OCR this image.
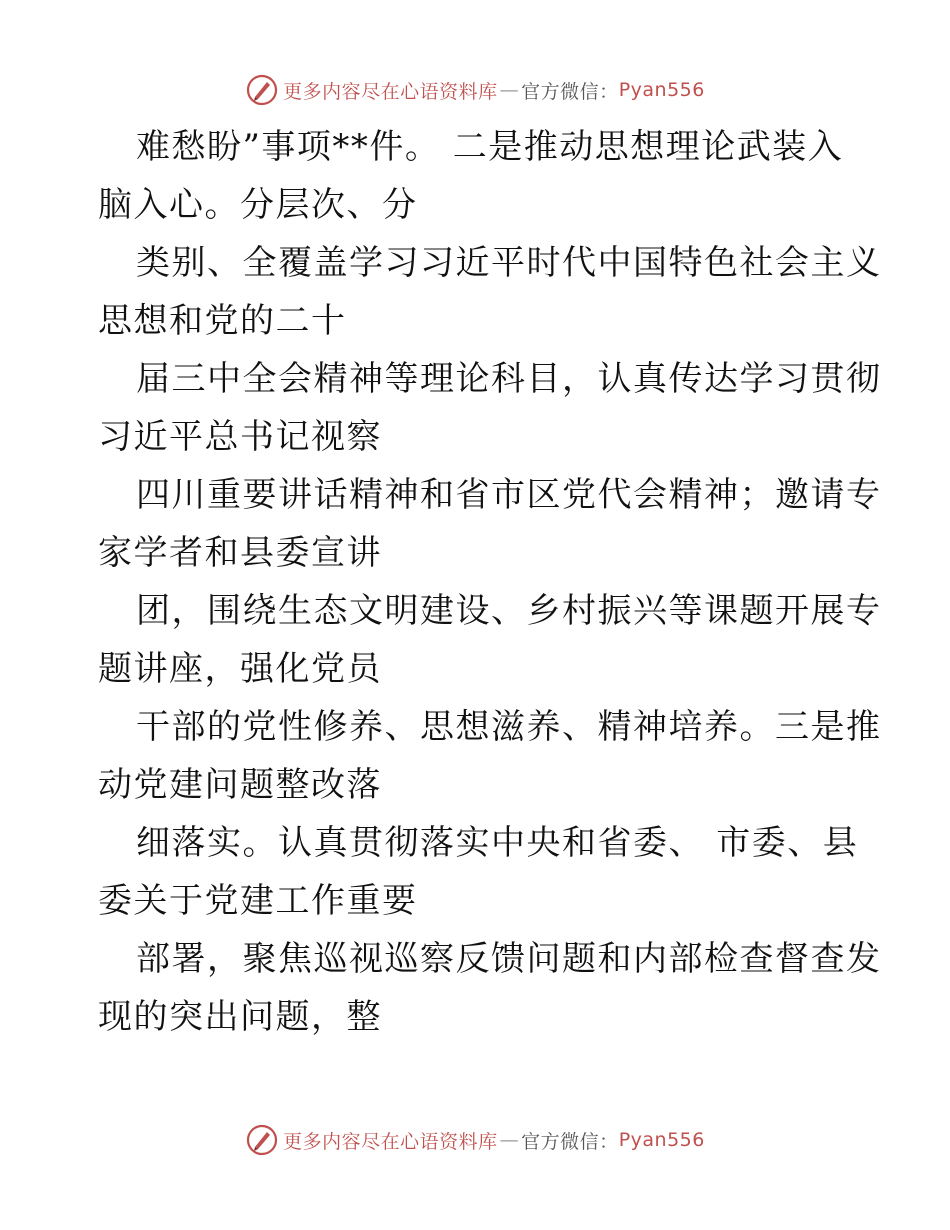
更多内容尽在心语资料库 — 官方微信： Pyan556
难愁盼”事项**件。 二是推动思想理论武装入
脑入心。分层次、分
类别、全覆盖学习习近平时代中国特色社会主义
思想和党的二十
届三中全会精神等理论科目，认真传达学习贯彻
习近平总书记视察
四川重要讲话精神和省市区党代会精神；邀请专
家学者和县委宣讲
团，围绕生态文明建设、乡村振兴等课题开展专
题讲座，强化党员
干部的党性修养、思想滋养、精神培养。三是推
动党建问题整改落
细落实。认真贯彻落实中央和省委、 市委、县
委关于党建工作重要
部署，聚焦巡视巡察反馈问题和内部检查督查发
现的突出问题，整
更多内容尽在心语资料库 — 官方微信： Pyan556
